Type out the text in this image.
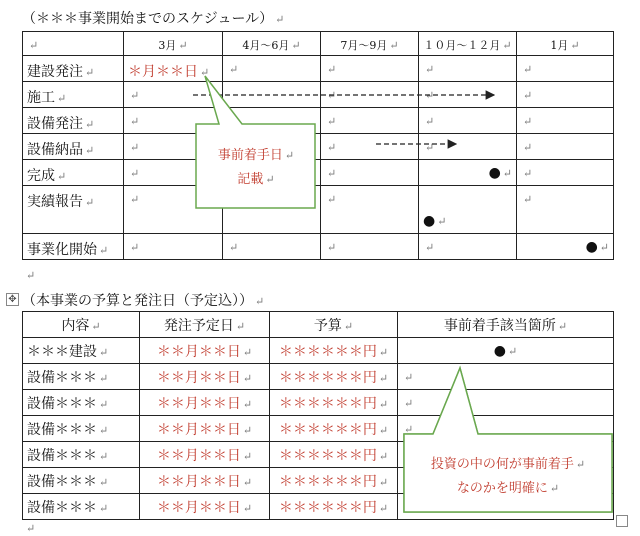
（＊＊＊事業開始までのスケジュール） ↵
↵	3月 ↵	4月～6月 ↵	7月～9月 ↵	１０月～１２月 ↵	1月 ↵
建設発注 ↵	＊月＊＊日 ↵	↵	↵	↵	↵
施工 ↵	↵		↵	↵	↵
設備発注 ↵	↵		↵	↵	↵
設備納品 ↵	↵		↵	↵	↵
完成 ↵	↵		↵	● ↵	↵
実績報告 ↵	↵		↵	● ↵	↵
事業化開始 ↵	↵	↵	↵	↵	● ↵
事前着手日 ↵
記載 ↵
↵
✥ （本事業の予算と発注日（予定込）） ↵
内容 ↵	発注予定日 ↵	予算 ↵	事前着手該当箇所 ↵
＊＊＊建設 ↵	＊＊月＊＊日 ↵	＊＊＊＊＊＊円 ↵	● ↵
設備＊＊＊ ↵	＊＊月＊＊日 ↵	＊＊＊＊＊＊円 ↵	↵
設備＊＊＊ ↵	＊＊月＊＊日 ↵	＊＊＊＊＊＊円 ↵	↵
設備＊＊＊ ↵	＊＊月＊＊日 ↵	＊＊＊＊＊＊円 ↵	↵
設備＊＊＊ ↵	＊＊月＊＊日 ↵	＊＊＊＊＊＊円 ↵	
設備＊＊＊ ↵	＊＊月＊＊日 ↵	＊＊＊＊＊＊円 ↵	
設備＊＊＊ ↵	＊＊月＊＊日 ↵	＊＊＊＊＊＊円 ↵	
投資の中の何が事前着手 ↵
なのかを明確に ↵
↵
